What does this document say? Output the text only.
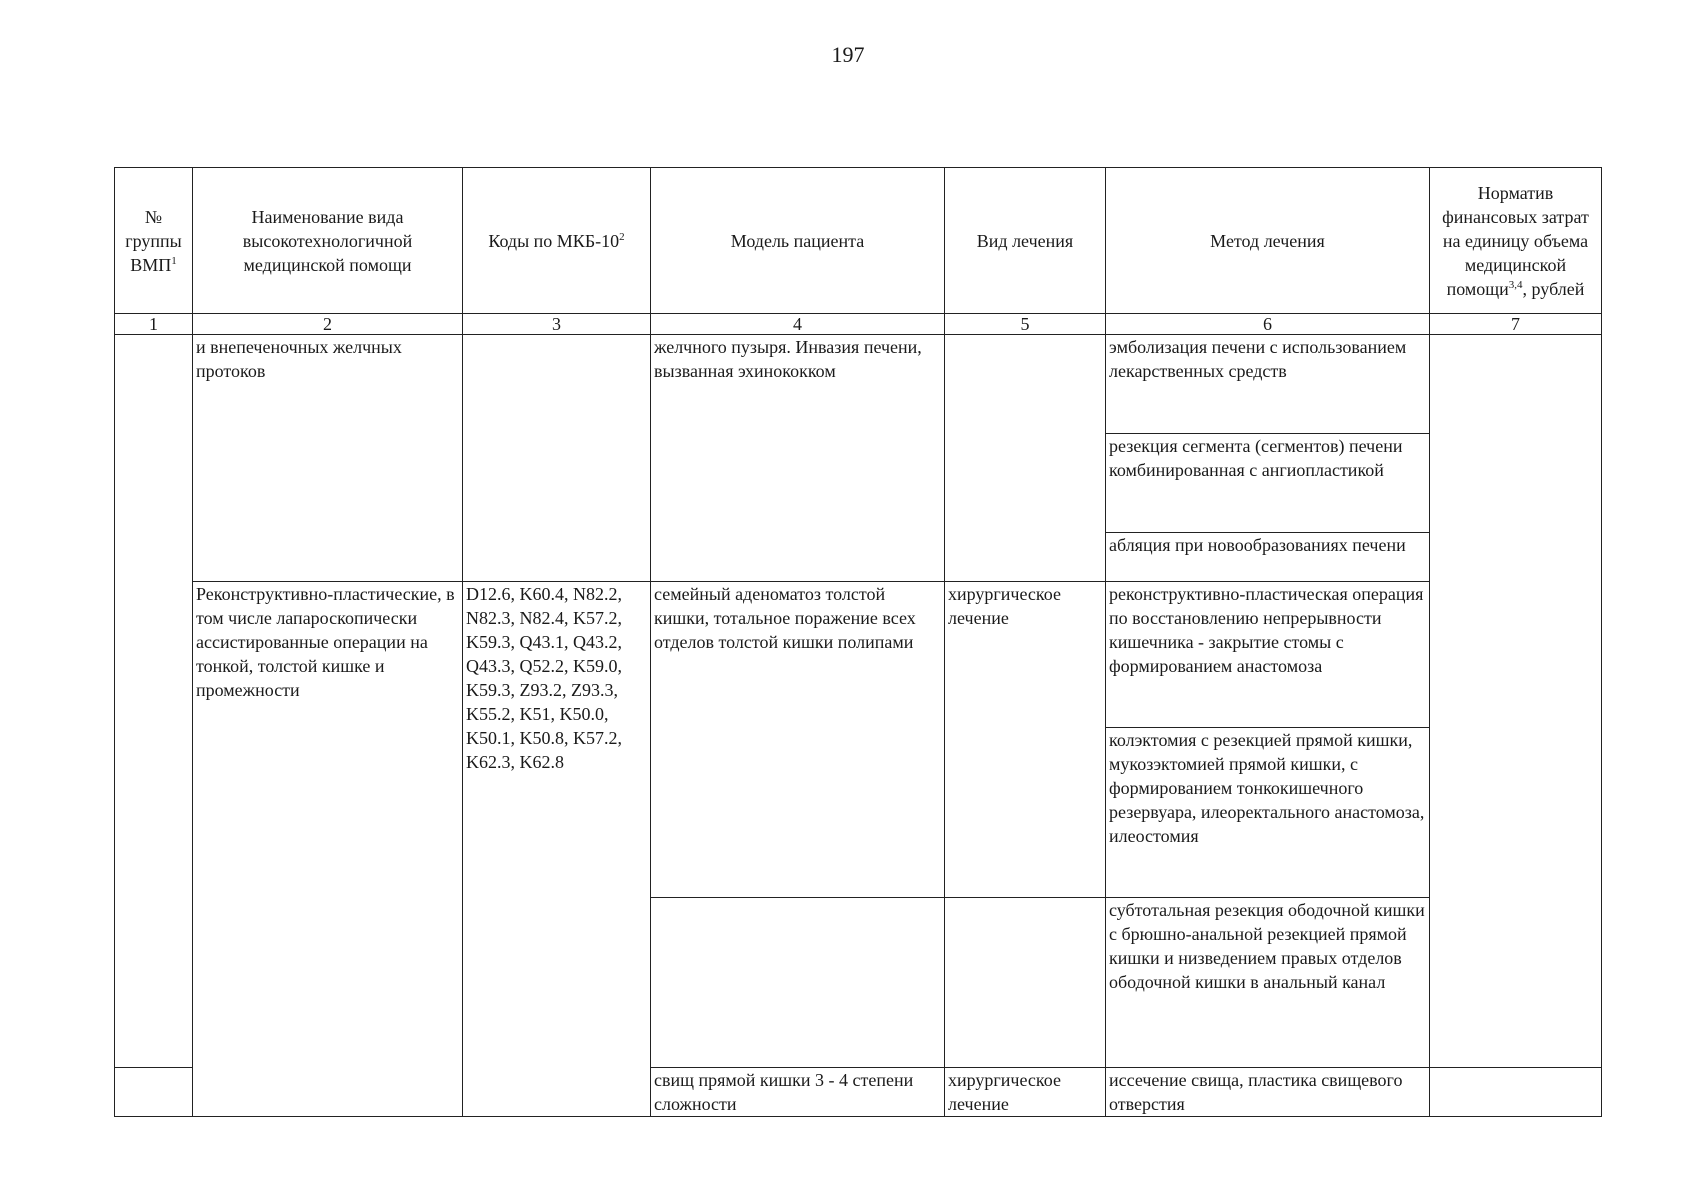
197
№ группы ВМП$^1$	Наименование вида высокотехнологичной медицинской помощи	Коды по МКБ-$10^2$	Модель пациента	Вид лечения	Метод лечения	Норматив финансовых затрат на единицу объема медицинской помощи$^{3,4}$, рублей
1	2	3	4	5	6	7
	и внепеченочных желчных протоков		желчного пузыря. Инвазия печени, вызванная эхинококком		эмболизация печени с использованием лекарственных средств	
					резекция сегмента (сегментов) печени комбинированная с ангиопластикой	
					абляция при новообразованиях печени	
	Реконструктивно-пластические, в том числе лапароскопически ассистированные операции на тонкой, толстой кишке и промежности	D12.6, K60.4, N82.2, N82.3, N82.4, K57.2, K59.3, Q43.1, Q43.2, Q43.3, Q52.2, K59.0, K59.3, Z93.2, Z93.3, K55.2, K51, K50.0, K50.1, K50.8, K57.2, K62.3, K62.8	семейный аденоматоз толстой кишки, тотальное поражение всех отделов толстой кишки полипами	хирургическое лечение	реконструктивно-пластическая операция по восстановлению непрерывности кишечника - закрытие стомы с формированием анастомоза	
					колэктомия с резекцией прямой кишки, мукозэктомией прямой кишки, с формированием тонкокишечного резервуара, илеоректального анастомоза, илеостомия	
					субтотальная резекция ободочной кишки с брюшно-анальной резекцией прямой кишки и низведением правых отделов ободочной кишки в анальный канал	
			свищ прямой кишки 3 - 4 степени сложности	хирургическое лечение	иссечение свища, пластика свищевого отверстия	
